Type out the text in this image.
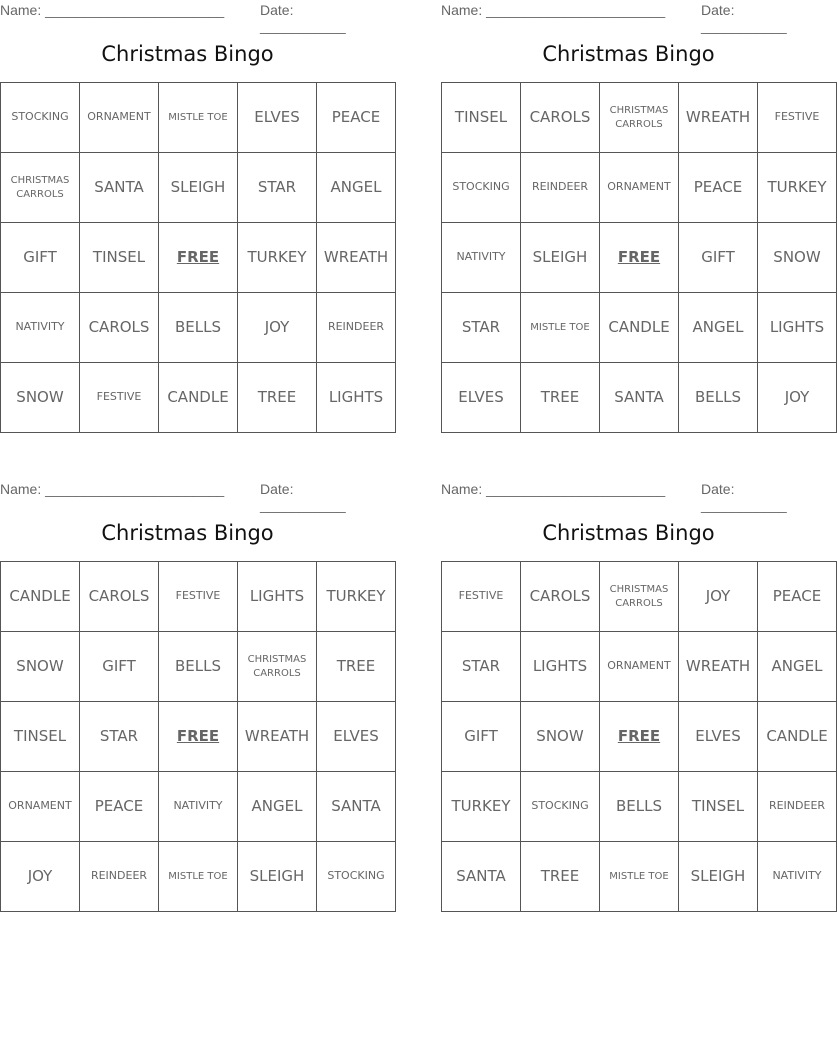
Name: _______________________	Date: ___________
Christmas Bingo
STOCKING	ORNAMENT	MISTLE TOE	ELVES	PEACE
CHRISTMAS CARROLS	SANTA	SLEIGH	STAR	ANGEL
GIFT	TINSEL	FREE	TURKEY	WREATH
NATIVITY	CAROLS	BELLS	JOY	REINDEER
SNOW	FESTIVE	CANDLE	TREE	LIGHTS
Name: _______________________	Date: ___________
Christmas Bingo
TINSEL	CAROLS	CHRISTMAS CARROLS	WREATH	FESTIVE
STOCKING	REINDEER	ORNAMENT	PEACE	TURKEY
NATIVITY	SLEIGH	FREE	GIFT	SNOW
STAR	MISTLE TOE	CANDLE	ANGEL	LIGHTS
ELVES	TREE	SANTA	BELLS	JOY
Name: _______________________	Date: ___________
Christmas Bingo
CANDLE	CAROLS	FESTIVE	LIGHTS	TURKEY
SNOW	GIFT	BELLS	CHRISTMAS CARROLS	TREE
TINSEL	STAR	FREE	WREATH	ELVES
ORNAMENT	PEACE	NATIVITY	ANGEL	SANTA
JOY	REINDEER	MISTLE TOE	SLEIGH	STOCKING
Name: _______________________	Date: ___________
Christmas Bingo
FESTIVE	CAROLS	CHRISTMAS CARROLS	JOY	PEACE
STAR	LIGHTS	ORNAMENT	WREATH	ANGEL
GIFT	SNOW	FREE	ELVES	CANDLE
TURKEY	STOCKING	BELLS	TINSEL	REINDEER
SANTA	TREE	MISTLE TOE	SLEIGH	NATIVITY
